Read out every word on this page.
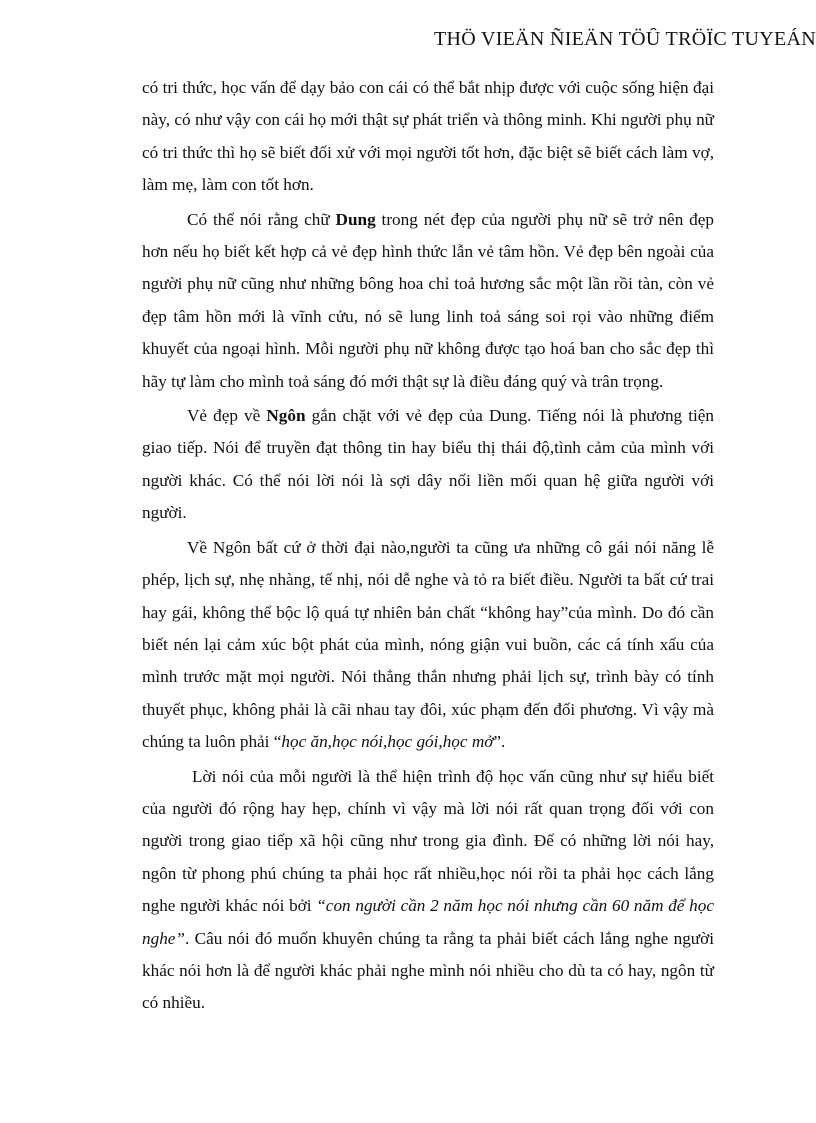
THÖ VIEÄN ÑIEÄN TÖÛ TRÖÏC TUYEÁN

có tri thức, học vấn để dạy bảo con cái có thể bắt nhịp được với cuộc sống hiện đại này, có như vậy con cái họ mới thật sự phát triển và thông minh. Khi người phụ nữ có tri thức thì họ sẽ biết đối xử với mọi người tốt hơn, đặc biệt sẽ biết cách làm vợ, làm mẹ, làm con tốt hơn.

Có thể nói rằng chữ Dung trong nét đẹp của người phụ nữ sẽ trở nên đẹp hơn nếu họ biết kết hợp cả vẻ đẹp hình thức lẫn vẻ tâm hồn. Vẻ đẹp bên ngoài của người phụ nữ cũng như những bông hoa chỉ toả hương sắc một lần rồi tàn, còn vẻ đẹp tâm hồn mới là vĩnh cửu, nó sẽ lung linh toả sáng soi rọi vào những điểm khuyết của ngoại hình. Mỗi người phụ nữ không được tạo hoá ban cho sắc đẹp thì hãy tự làm cho mình toả sáng đó mới thật sự là điều đáng quý và trân trọng.

Vẻ đẹp về Ngôn gắn chặt với vẻ đẹp của Dung. Tiếng nói là phương tiện giao tiếp. Nói để truyền đạt thông tin hay biểu thị thái độ,tình cảm của mình với người khác. Có thể nói lời nói là sợi dây nối liền mối quan hệ giữa người với người.

Về Ngôn bất cứ ở thời đại nào,người ta cũng ưa những cô gái nói năng lễ phép, lịch sự, nhẹ nhàng, tế nhị, nói dễ nghe và tỏ ra biết điều. Người ta bất cứ trai hay gái, không thể bộc lộ quá tự nhiên bản chất “không hay”của mình. Do đó cần biết nén lại cảm xúc bột phát của mình, nóng giận vui buồn, các cá tính xấu của mình trước mặt mọi người. Nói thẳng thắn nhưng phải lịch sự, trình bày có tính thuyết phục, không phải là cãi nhau tay đôi, xúc phạm đến đối phương. Vì vậy mà chúng ta luôn phải “học ăn,học nói,học gói,học mở”.

Lời nói của mỗi người là thể hiện trình độ học vấn cũng như sự hiểu biết của người đó rộng hay hẹp, chính vì vậy mà lời nói rất quan trọng đối với con người trong giao tiếp xã hội cũng như trong gia đình. Để có những lời nói hay, ngôn từ phong phú chúng ta phải học rất nhiều,học nói rồi ta phải học cách lắng nghe người khác nói bởi “con người cần 2 năm học nói nhưng cần 60 năm để học nghe”. Câu nói đó muốn khuyên chúng ta rằng ta phải biết cách lắng nghe người khác nói hơn là để người khác phải nghe mình nói nhiều cho dù ta có hay, ngôn từ có nhiều.
